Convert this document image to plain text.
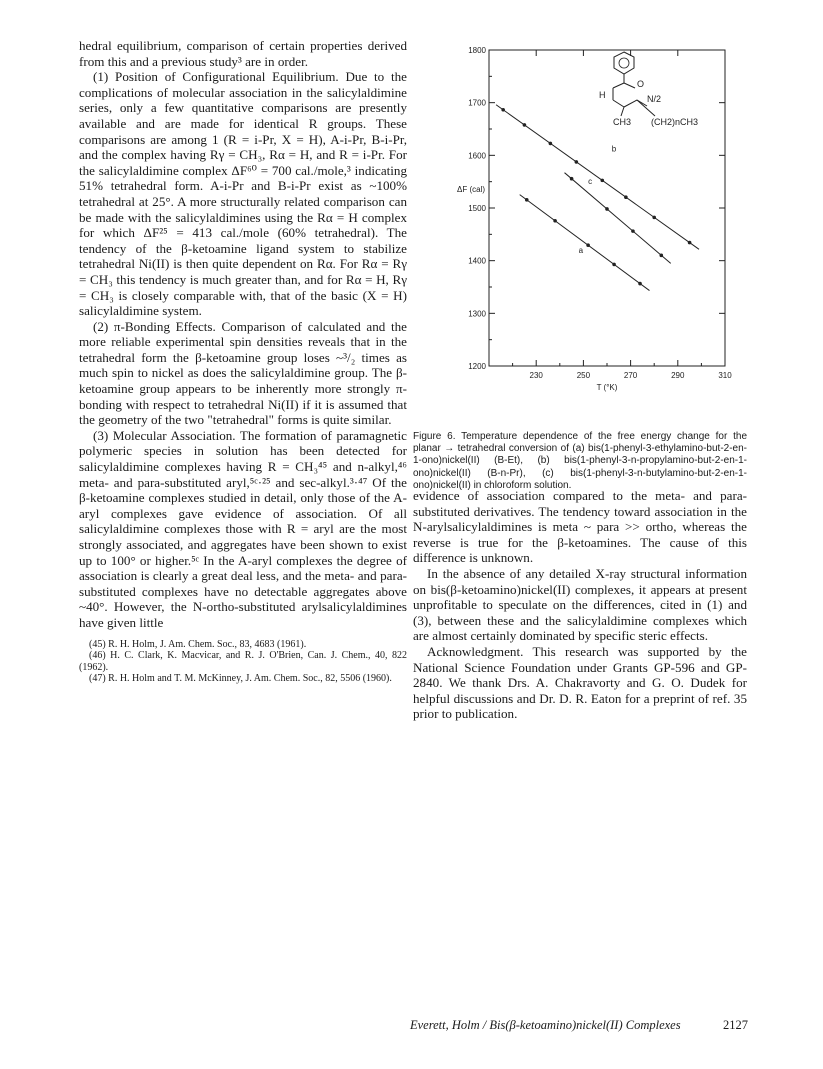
hedral equilibrium, comparison of certain properties derived from this and a previous study³ are in order.

(1) Position of Configurational Equilibrium. Due to the complications of molecular association in the salicylaldimine series, only a few quantitative comparisons are presently available and are made for identical R groups. These comparisons are among 1 (R = i-Pr, X = H), A-i-Pr, B-i-Pr, and the complex having Rγ = CH₃, Rα = H, and R = i-Pr. For the salicylaldimine complex ΔF⁶⁰ = 700 cal./mole,³ indicating 51% tetrahedral form. A-i-Pr and B-i-Pr exist as ~100% tetrahedral at 25°. A more structurally related comparison can be made with the salicylaldimines using the Rα = H complex for which ΔF²⁵ = 413 cal./mole (60% tetrahedral). The tendency of the β-ketoamine ligand system to stabilize tetrahedral Ni(II) is then quite dependent on Rα. For Rα = Rγ = CH₃ this tendency is much greater than, and for Rα = H, Rγ = CH₃ is closely comparable with, that of the basic (X = H) salicylaldimine system.

(2) π-Bonding Effects. Comparison of calculated and the more reliable experimental spin densities reveals that in the tetrahedral form the β-ketoamine group loses ~³/₂ times as much spin to nickel as does the salicylaldimine group. The β-ketoamine group appears to be inherently more strongly π-bonding with respect to tetrahedral Ni(II) if it is assumed that the geometry of the two "tetrahedral" forms is quite similar.

(3) Molecular Association. The formation of paramagnetic polymeric species in solution has been detected for salicylaldimine complexes having R = CH₃⁴⁵ and n-alkyl,⁴⁶ meta- and para-substituted aryl,⁵ᶜ·²⁵ and sec-alkyl.³·⁴⁷ Of the β-ketoamine complexes studied in detail, only those of the A-aryl complexes gave evidence of association. Of all salicylaldimine complexes those with R = aryl are the most strongly associated, and aggregates have been shown to exist up to 100° or higher.⁵ᶜ In the A-aryl complexes the degree of association is clearly a great deal less, and the meta- and para-substituted complexes have no detectable aggregates above ~40°. However, the N-ortho-substituted arylsalicylaldimines have given little

(45) R. H. Holm, J. Am. Chem. Soc., 83, 4683 (1961).

(46) H. C. Clark, K. Macvicar, and R. J. O'Brien, Can. J. Chem., 40, 822 (1962).

(47) R. H. Holm and T. M. McKinney, J. Am. Chem. Soc., 82, 5506 (1960).

1200
1300
1400
1500
1600
1700
1800
230	250	270	290	310
T (°K)
ΔF (cal)
a
b
c
H
O
N/2
CH3 (CH2)nCH3
Figure 6. Temperature dependence of the free energy change for the planar → tetrahedral conversion of (a) bis(1-phenyl-3-ethylamino-but-2-en-1-ono)nickel(II) (B-Et), (b) bis(1-phenyl-3-n-propylamino-but-2-en-1-ono)nickel(II) (B-n-Pr), (c) bis(1-phenyl-3-n-butylamino-but-2-en-1-ono)nickel(II) in chloroform solution.

evidence of association compared to the meta- and para-substituted derivatives. The tendency toward association in the N-arylsalicylaldimines is meta ~ para >> ortho, whereas the reverse is true for the β-ketoamines. The cause of this difference is unknown.

In the absence of any detailed X-ray structural information on bis(β-ketoamino)nickel(II) complexes, it appears at present unprofitable to speculate on the differences, cited in (1) and (3), between these and the salicylaldimine complexes which are almost certainly dominated by specific steric effects.

Acknowledgment. This research was supported by the National Science Foundation under Grants GP-596 and GP-2840. We thank Drs. A. Chakravorty and G. O. Dudek for helpful discussions and Dr. D. R. Eaton for a preprint of ref. 35 prior to publication.

Everett, Holm / Bis(β-ketoamino)nickel(II) Complexes	2127
